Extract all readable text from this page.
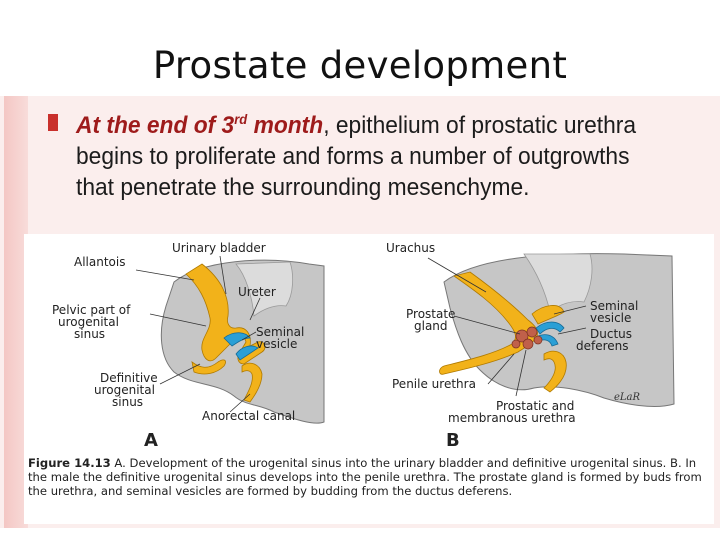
Prostate development
At the end of 3rd month, epithelium of prostatic urethra
begins to proliferate and forms a number of outgrowths
that penetrate the surrounding mesenchyme.
Urinary bladder
Allantois
Ureter
Pelvic part of
urogenital
sinus	Seminal
vesicle
Definitive
urogenital
sinus
Anorectal canal
A
Urachus
Seminal
vesicle
Prostate
gland
Ductus
deferens
Penile urethra
Prostatic and
membranous urethra
eLaR
B
Figure 14.13 A. Development of the urogenital sinus into the urinary bladder and definitive urogenital sinus. B. In the male the definitive urogenital sinus develops into the penile urethra. The prostate gland is formed by buds from the urethra, and seminal vesicles are formed by budding from the ductus deferens.
